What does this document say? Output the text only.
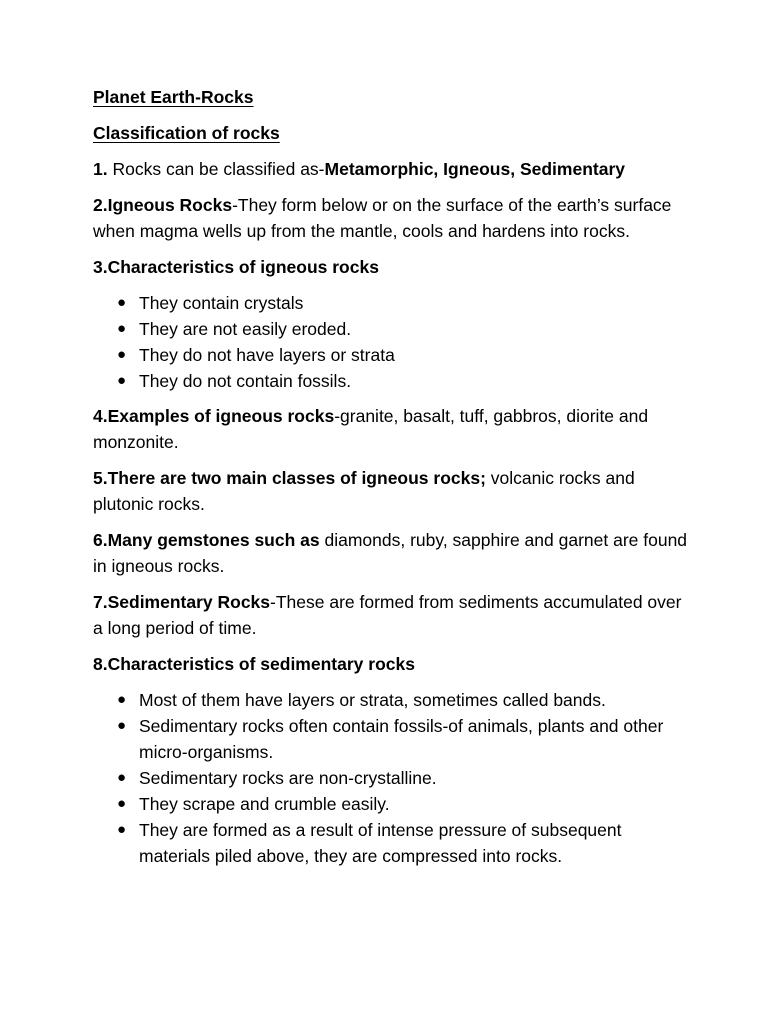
Planet Earth-Rocks
Classification of rocks
1. Rocks can be classified as-Metamorphic, Igneous, Sedimentary
2.Igneous Rocks-They form below or on the surface of the earth’s surface when magma wells up from the mantle, cools and hardens into rocks.
3.Characteristics of igneous rocks
● They contain crystals
● They are not easily eroded.
● They do not have layers or strata
● They do not contain fossils.
4.Examples of igneous rocks-granite, basalt, tuff, gabbros, diorite and monzonite.
5.There are two main classes of igneous rocks; volcanic rocks and plutonic rocks.
6.Many gemstones such as diamonds, ruby, sapphire and garnet are found in igneous rocks.
7.Sedimentary Rocks-These are formed from sediments accumulated over a long period of time.
8.Characteristics of sedimentary rocks
● Most of them have layers or strata, sometimes called bands.
● Sedimentary rocks often contain fossils-of animals, plants and other micro-organisms.
● Sedimentary rocks are non-crystalline.
● They scrape and crumble easily.
● They are formed as a result of intense pressure of subsequent materials piled above, they are compressed into rocks.
